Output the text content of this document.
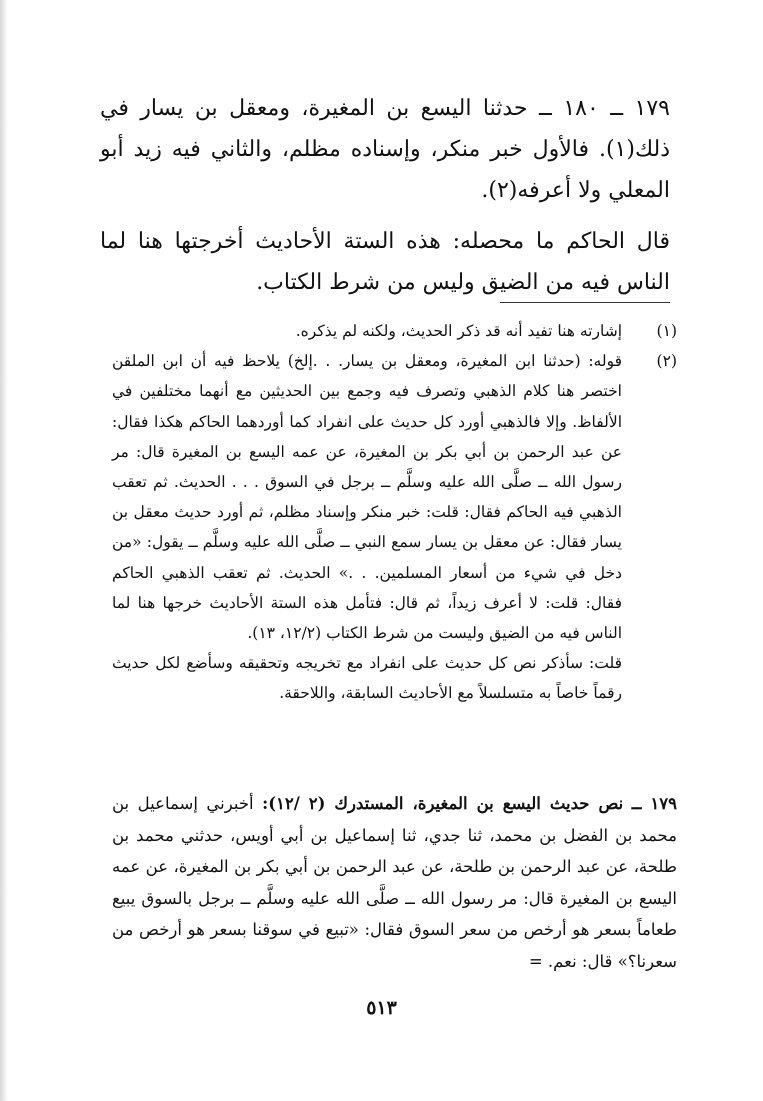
١٧٩ ــ ١٨٠ ــ حدثنا اليسع بن المغيرة، ومعقل بن يسار في ذلك(١). فالأول خبر منكر، وإسناده مظلم، والثاني فيه زيد أبو المعلي ولا أعرفه(٢).

قال الحاكم ما محصله: هذه الستة الأحاديث أخرجتها هنا لما الناس فيه من الضيق وليس من شرط الكتاب.

(١)

إشارته هنا تفيد أنه قد ذكر الحديث، ولكنه لم يذكره.

(٢)

قوله: (حدثنا ابن المغيرة، ومعقل بن يسار. . .إلخ) يلاحظ فيه أن ابن الملقن اختصر هنا كلام الذهبي وتصرف فيه وجمع بين الحديثين مع أنهما مختلفين في الألفاظ. وإلا فالذهبي أورد كل حديث على انفراد كما أوردهما الحاكم هكذا فقال: عن عبد الرحمن بن أبي بكر بن المغيرة، عن عمه اليسع بن المغيرة قال: مر رسول الله ــ صلَّى الله عليه وسلَّم ــ برجل في السوق . . . الحديث. ثم تعقب الذهبي فيه الحاكم فقال: قلت: خبر منكر وإسناد مظلم، ثم أورد حديث معقل بن يسار فقال: عن معقل بن يسار سمع النبي ــ صلَّى الله عليه وسلَّم ــ يقول: «من دخل في شيء من أسعار المسلمين. . .» الحديث. ثم تعقب الذهبي الحاكم فقال: قلت: لا أعرف زيداً، ثم قال: فتأمل هذه الستة الأحاديث خرجها هنا لما الناس فيه من الضيق وليست من شرط الكتاب (١٢/٢، ١٣).

قلت: سأذكر نص كل حديث على انفراد مع تخريجه وتحقيقه وسأضع لكل حديث رقماً خاصاً به متسلسلاً مع الأحاديث السابقة، واللاحقة.

١٧٩ ــ نص حديث اليسع بن المغيرة، المستدرك (٢ /١٢): أخبرني إسماعيل بن محمد بن الفضل بن محمد، ثنا جدي، ثنا إسماعيل بن أبي أويس، حدثني محمد بن طلحة، عن عبد الرحمن بن طلحة، عن عبد الرحمن بن أبي بكر بن المغيرة، عن عمه اليسع بن المغيرة قال: مر رسول الله ــ صلَّى الله عليه وسلَّم ــ برجل بالسوق يبيع طعاماً بسعر هو أرخص من سعر السوق فقال: «تبيع في سوقنا بسعر هو أرخص من سعرنا؟» قال: نعم. =

٥١٣
